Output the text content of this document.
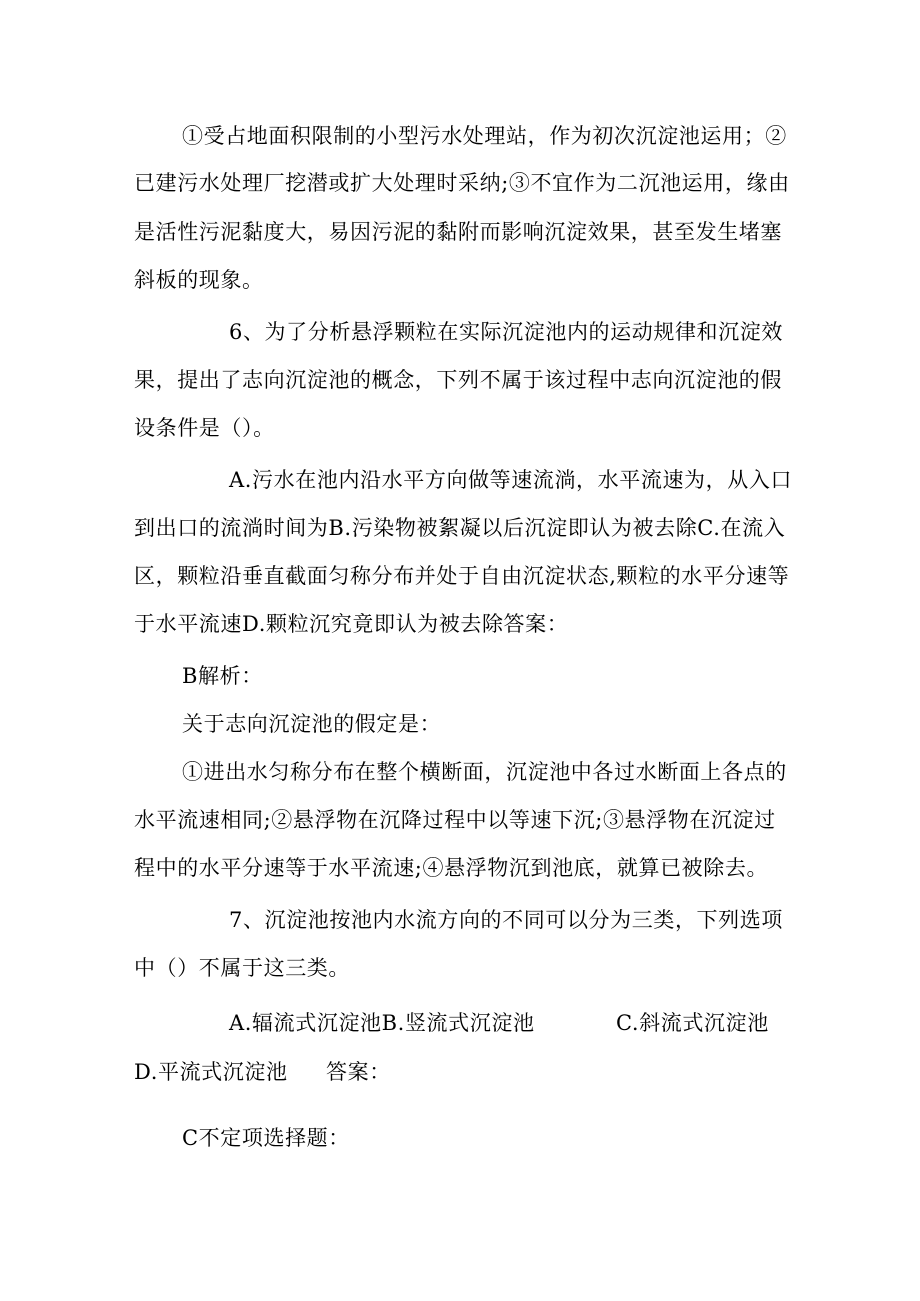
①受占地面积限制的小型污水处理站，作为初次沉淀池运用；②
已建污水处理厂挖潜或扩大处理时采纳;③不宜作为二沉池运用，缘由
是活性污泥黏度大，易因污泥的黏附而影响沉淀效果，甚至发生堵塞
斜板的现象。
6、为了分析悬浮颗粒在实际沉淀池内的运动规律和沉淀效
果，提出了志向沉淀池的概念，下列不属于该过程中志向沉淀池的假
设条件是（）。
A.污水在池内沿水平方向做等速流淌，水平流速为，从入口
到出口的流淌时间为B.污染物被絮凝以后沉淀即认为被去除C.在流入
区，颗粒沿垂直截面匀称分布并处于自由沉淀状态,颗粒的水平分速等
于水平流速D.颗粒沉究竟即认为被去除答案：
B解析：
关于志向沉淀池的假定是：
①进出水匀称分布在整个横断面，沉淀池中各过水断面上各点的
水平流速相同;②悬浮物在沉降过程中以等速下沉;③悬浮物在沉淀过
程中的水平分速等于水平流速;④悬浮物沉到池底，就算已被除去。
7、沉淀池按池内水流方向的不同可以分为三类，下列选项
中（）不属于这三类。
A.辐流式沉淀池B.竖流式沉淀池	C.斜流式沉淀池
D.平流式沉淀池 答案：
C不定项选择题：
